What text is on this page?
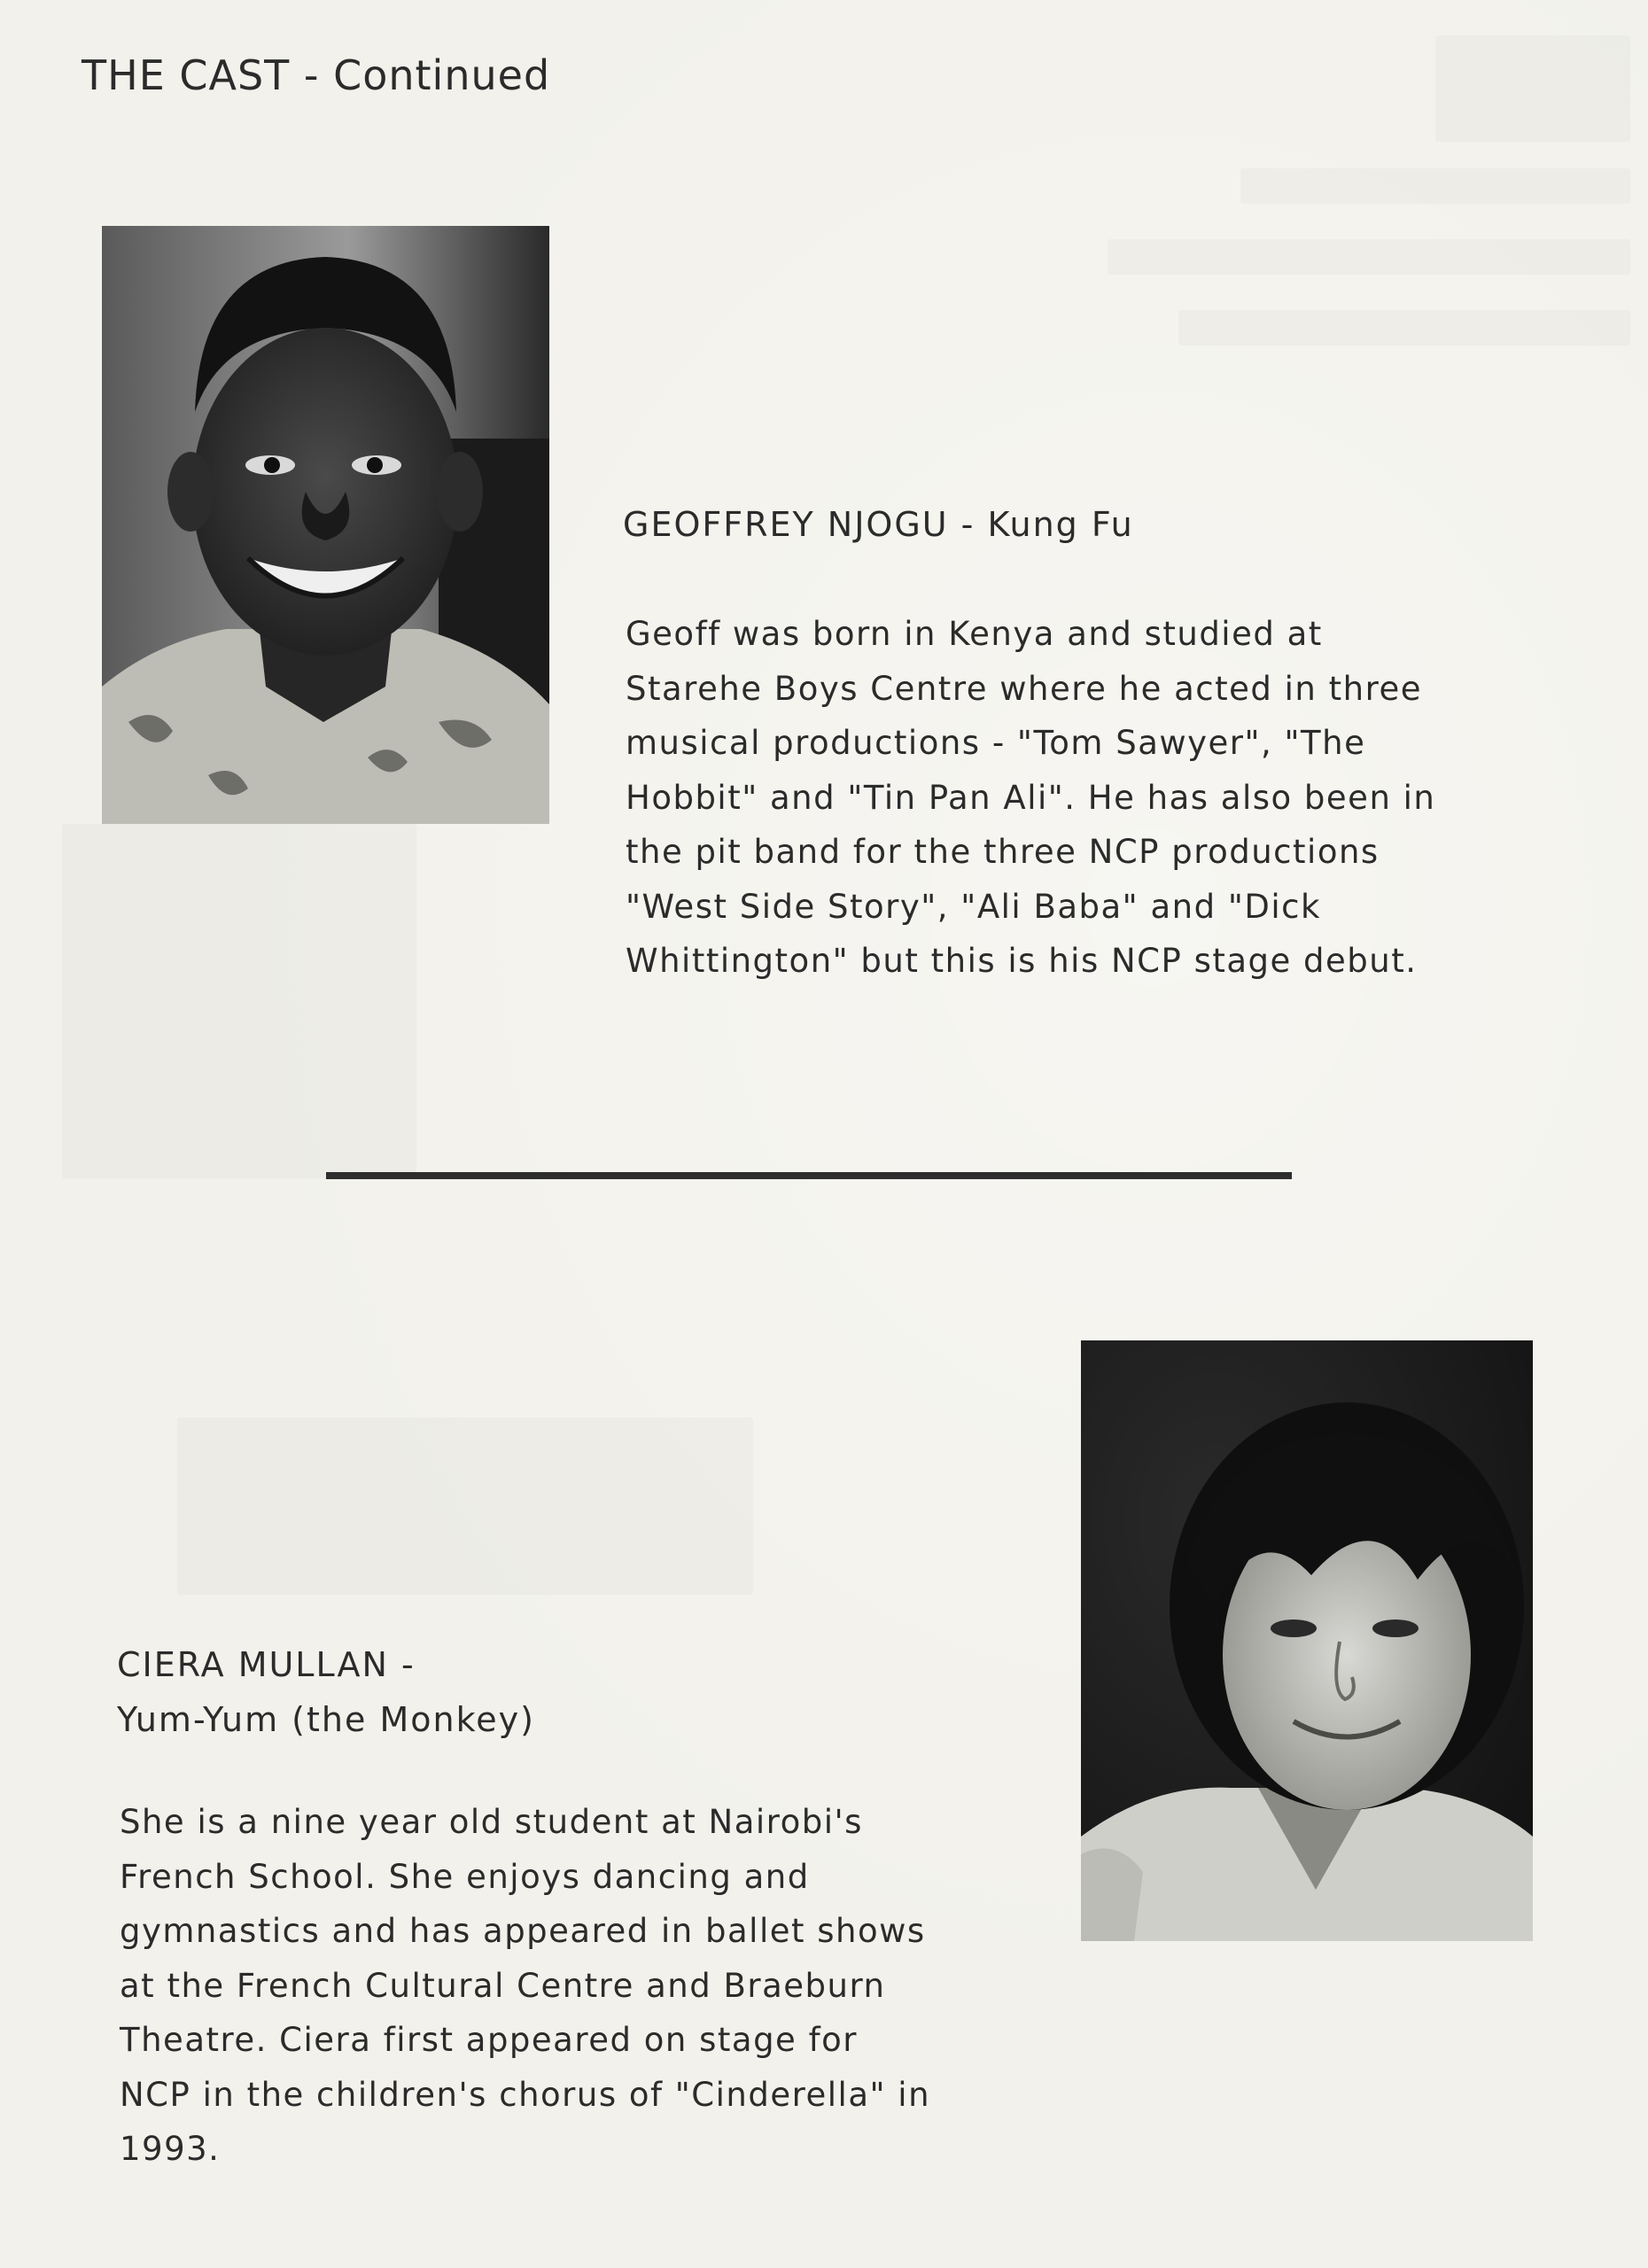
THE CAST - Continued
GEOFFREY NJOGU - Kung Fu
Geoff was born in Kenya and studied at
Starehe Boys Centre where he acted in three
musical productions - "Tom Sawyer", "The
Hobbit" and "Tin Pan Ali". He has also been in
the pit band for the three NCP productions
"West Side Story", "Ali Baba" and "Dick
Whittington" but this is his NCP stage debut.
CIERA MULLAN -
Yum-Yum (the Monkey)
She is a nine year old student at Nairobi's
French School. She enjoys dancing and
gymnastics and has appeared in ballet shows
at the French Cultural Centre and Braeburn
Theatre. Ciera first appeared on stage for
NCP in the children's chorus of "Cinderella" in
1993.
